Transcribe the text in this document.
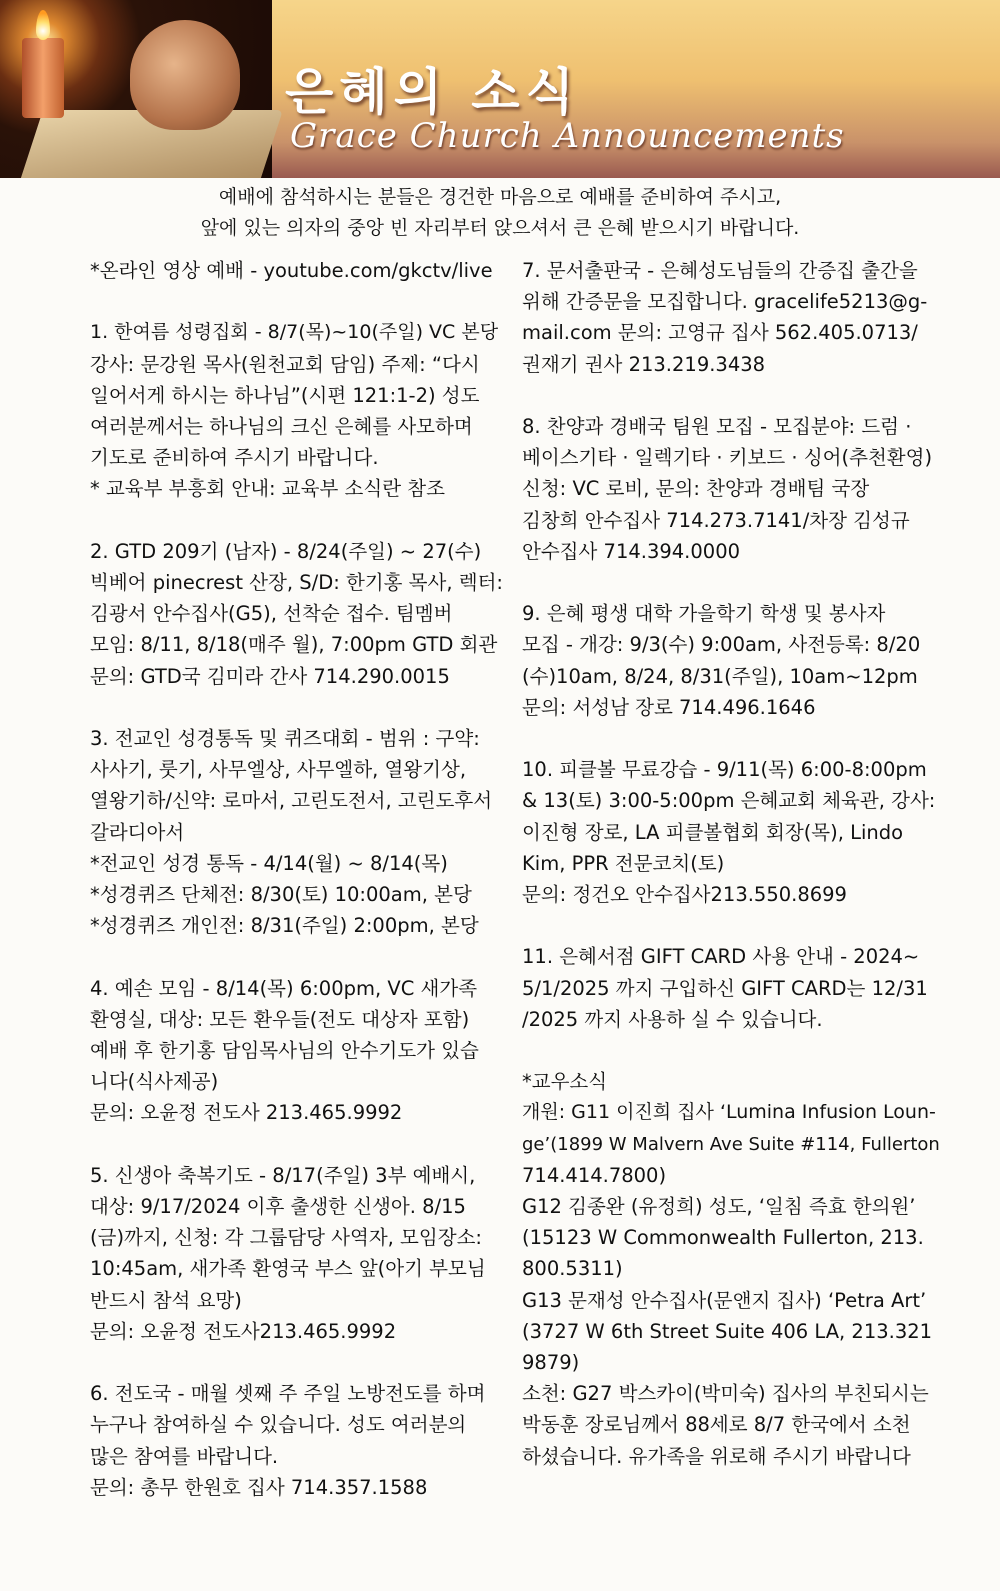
은혜의 소식
Grace Church Announcements
예배에 참석하시는 분들은 경건한 마음으로 예배를 준비하여 주시고,
앞에 있는 의자의 중앙 빈 자리부터 앉으셔서 큰 은혜 받으시기 바랍니다.
*온라인 영상 예배 - youtube.com/gkctv/live
1. 한여름 성령집회 - 8/7(목)~10(주일) VC 본당
강사: 문강원 목사(원천교회 담임) 주제: “다시
일어서게 하시는 하나님”(시편 121:1-2) 성도
여러분께서는 하나님의 크신 은혜를 사모하며
기도로 준비하여 주시기 바랍니다.
* 교육부 부흥회 안내: 교육부 소식란 참조
2. GTD 209기 (남자) - 8/24(주일) ~ 27(수)
빅베어 pinecrest 산장, S/D: 한기홍 목사, 렉터:
김광서 안수집사(G5), 선착순 접수. 팀멤버
모임: 8/11, 8/18(매주 월), 7:00pm GTD 회관
문의: GTD국 김미라 간사 714.290.0015
3. 전교인 성경통독 및 퀴즈대회 - 범위 : 구약:
사사기, 룻기, 사무엘상, 사무엘하, 열왕기상,
열왕기하/신약: 로마서, 고린도전서, 고린도후서
갈라디아서
*전교인 성경 통독 - 4/14(월) ~ 8/14(목)
*성경퀴즈 단체전: 8/30(토) 10:00am, 본당
*성경퀴즈 개인전: 8/31(주일) 2:00pm, 본당
4. 예손 모임 - 8/14(목) 6:00pm, VC 새가족
환영실, 대상: 모든 환우들(전도 대상자 포함)
예배 후 한기홍 담임목사님의 안수기도가 있습
니다(식사제공)
문의: 오윤정 전도사 213.465.9992
5. 신생아 축복기도 - 8/17(주일) 3부 예배시,
대상: 9/17/2024 이후 출생한 신생아. 8/15
(금)까지, 신청: 각 그룹담당 사역자, 모임장소:
10:45am, 새가족 환영국 부스 앞(아기 부모님
반드시 참석 요망)
문의: 오윤정 전도사213.465.9992
6. 전도국 - 매월 셋째 주 주일 노방전도를 하며
누구나 참여하실 수 있습니다. 성도 여러분의
많은 참여를 바랍니다.
문의: 총무 한원호 집사 714.357.1588
7. 문서출판국 - 은혜성도님들의 간증집 출간을
위해 간증문을 모집합니다. gracelife5213@g-
mail.com 문의: 고영규 집사 562.405.0713/
권재기 권사 213.219.3438
8. 찬양과 경배국 팀원 모집 - 모집분야: 드럼 ·
베이스기타 · 일렉기타 · 키보드 · 싱어(추천환영)
신청: VC 로비, 문의: 찬양과 경배팀 국장
김창희 안수집사 714.273.7141/차장 김성규
안수집사 714.394.0000
9. 은혜 평생 대학 가을학기 학생 및 봉사자
모집 - 개강: 9/3(수) 9:00am, 사전등록: 8/20
(수)10am, 8/24, 8/31(주일), 10am~12pm
문의: 서성남 장로 714.496.1646
10. 피클볼 무료강습 - 9/11(목) 6:00-8:00pm
& 13(토) 3:00-5:00pm 은혜교회 체육관, 강사:
이진형 장로, LA 피클볼협회 회장(목), Lindo
Kim, PPR 전문코치(토)
문의: 정건오 안수집사213.550.8699
11. 은혜서점 GIFT CARD 사용 안내 - 2024~
5/1/2025 까지 구입하신 GIFT CARD는 12/31
/2025 까지 사용하 실 수 있습니다.
*교우소식
개원: G11 이진희 집사 ‘Lumina Infusion Loun-
ge’(1899 W Malvern Ave Suite #114, Fullerton
714.414.7800)
G12 김종완 (유정희) 성도, ‘일침 즉효 한의원’
(15123 W Commonwealth Fullerton, 213.
800.5311)
G13 문재성 안수집사(문앤지 집사) ‘Petra Art’
(3727 W 6th Street Suite 406 LA, 213.321
9879)
소천: G27 박스카이(박미숙) 집사의 부친되시는
박동훈 장로님께서 88세로 8/7 한국에서 소천
하셨습니다. 유가족을 위로해 주시기 바랍니다
